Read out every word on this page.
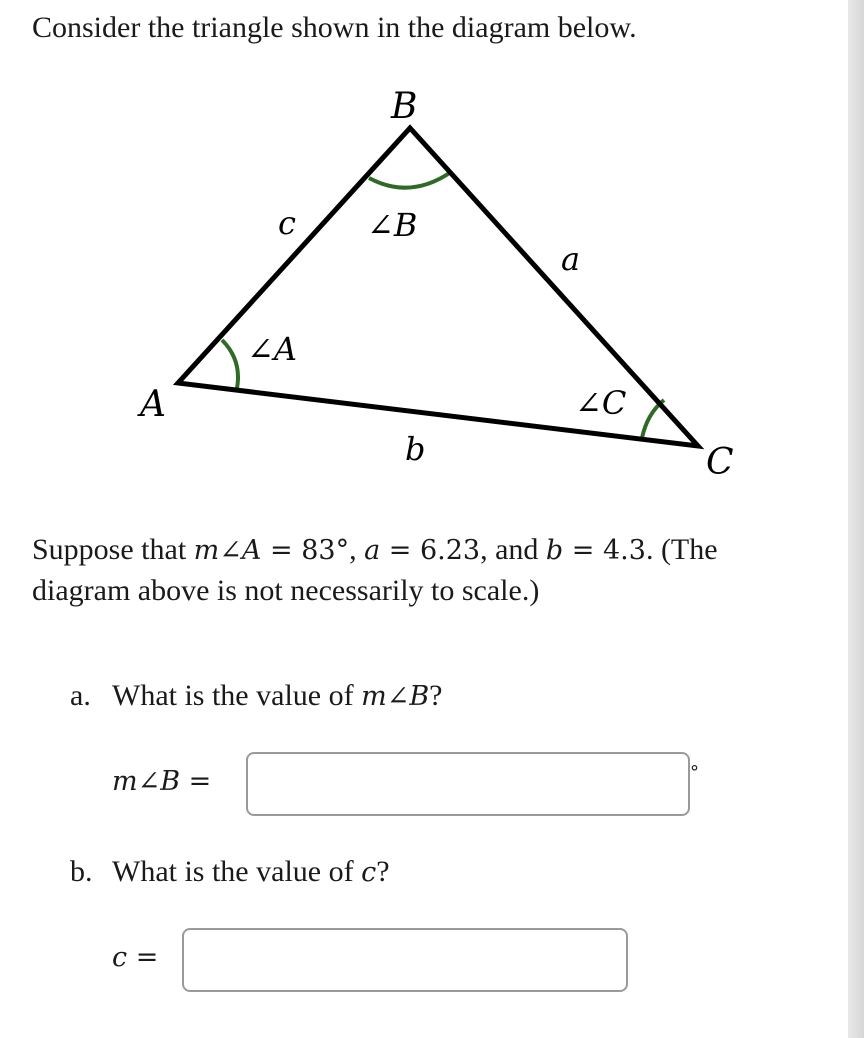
Consider the triangle shown in the diagram below.

B
A
C
c
a
b
∠B
∠A
∠C

Suppose that m∠A = 83°, a = 6.23, and b = 4.3. (The diagram above is not necessarily to scale.)

a. What is the value of m∠B?

m∠B =	°

b. What is the value of c?

c =
